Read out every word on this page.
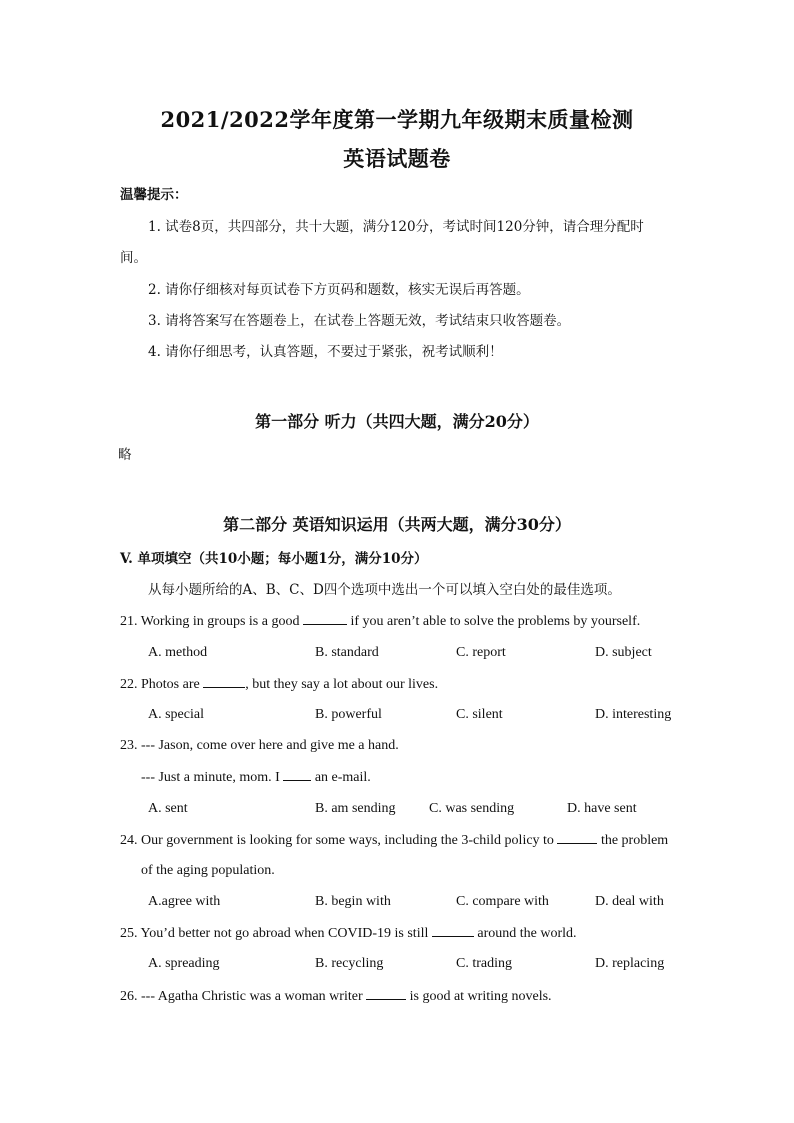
2021/2022学年度第一学期九年级期末质量检测
英语试题卷
温馨提示：
1. 试卷8页，共四部分，共十大题，满分120分，考试时间120分钟，请合理分配时
间。
2. 请你仔细核对每页试卷下方页码和题数，核实无误后再答题。
3. 请将答案写在答题卷上，在试卷上答题无效，考试结束只收答题卷。
4. 请你仔细思考，认真答题，不要过于紧张，祝考试顺利！
第一部分 听力（共四大题，满分20分）
略
第二部分 英语知识运用（共两大题，满分30分）
V. 单项填空（共10小题；每小题1分，满分10分）
从每小题所给的A、B、C、D四个选项中选出一个可以填入空白处的最佳选项。
21. Working in groups is a good	if you aren’t able to solve the problems by yourself.
A. method	B. standard	C. report	D. subject
22. Photos are	, but they say a lot about our lives.
A. special	B. powerful	C. silent	D. interesting
23. --- Jason, come over here and give me a hand.
--- Just a minute, mom. I	an e-mail.
A. sent	B. am sending C. was sending	D. have sent
24. Our government is looking for some ways, including the 3-child policy to	the problem
of the aging population.
A.agree with	B. begin with	C. compare with	D. deal with
25. You’d better not go abroad when COVID-19 is still	around the world.
A. spreading	B. recycling	C. trading	D. replacing
26. --- Agatha Christic was a woman writer	is good at writing novels.
